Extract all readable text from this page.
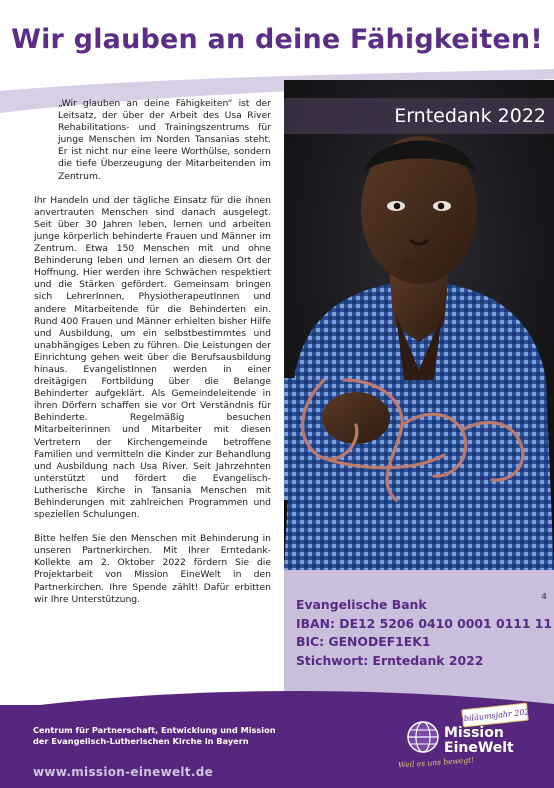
Wir glauben an deine Fähigkeiten!
Erntedank 2022

„Wir glauben an deine Fähigkeiten“ ist der Leitsatz, der über der Arbeit des Usa River Rehabilitations- und Trainingszentrums für junge Menschen im Norden Tansanias steht. Er ist nicht nur eine leere Worthülse, sondern die tiefe Überzeugung der Mitarbeitenden im Zentrum.

Ihr Handeln und der tägliche Einsatz für die ihnen anvertrauten Menschen sind danach ausgelegt. Seit über 30 Jahren leben, lernen und arbeiten junge körperlich behinderte Frauen und Männer im Zentrum. Etwa 150 Menschen mit und ohne Behinderung leben und lernen an diesem Ort der Hoffnung. Hier werden ihre Schwächen respektiert und die Stärken gefördert. Gemeinsam bringen sich LehrerInnen, PhysiotherapeutInnen und andere Mitarbeitende für die Behinderten ein. Rund 400 Frauen und Männer erhielten bisher Hilfe und Ausbildung, um ein selbstbestimmtes und unabhängiges Leben zu führen. Die Leistungen der Einrichtung gehen weit über die Berufsausbildung hinaus. EvangelistInnen werden in einer dreitägigen Fortbildung über die Belange Behinderter aufgeklärt. Als Gemeindeleitende in ihren Dörfern schaffen sie vor Ort Verständnis für Behinderte. Regelmäßig besuchen Mitarbeiterinnen und Mitarbeiter mit diesen Vertretern der Kirchengemeinde betroffene Familien und vermitteln die Kinder zur Behandlung und Ausbildung nach Usa River. Seit Jahrzehnten unterstützt und fördert die Evangelisch-Lutherische Kirche in Tansania Menschen mit Behinderungen mit zahlreichen Programmen und speziellen Schulungen.

Bitte helfen Sie den Menschen mit Behinderung in unseren Partnerkirchen. Mit Ihrer Erntedank-Kollekte am 2. Oktober 2022 fördern Sie die Projektarbeit von Mission EineWelt in den Partnerkirchen. Ihre Spende zählt! Dafür erbitten wir Ihre Unterstützung.	Evangelische Bank
IBAN: DE12 5206 0410 0001 0111 11
BIC: GENODEF1EK1
Stichwort: Erntedank 2022
4
Centrum für Partnerschaft, Entwicklung und Mission
der Evangelisch-Lutherischen Kirche in Bayern
www.mission-einewelt.de
Jubiläumsjahr 2022
Mission
EineWelt
Weil es uns bewegt!
